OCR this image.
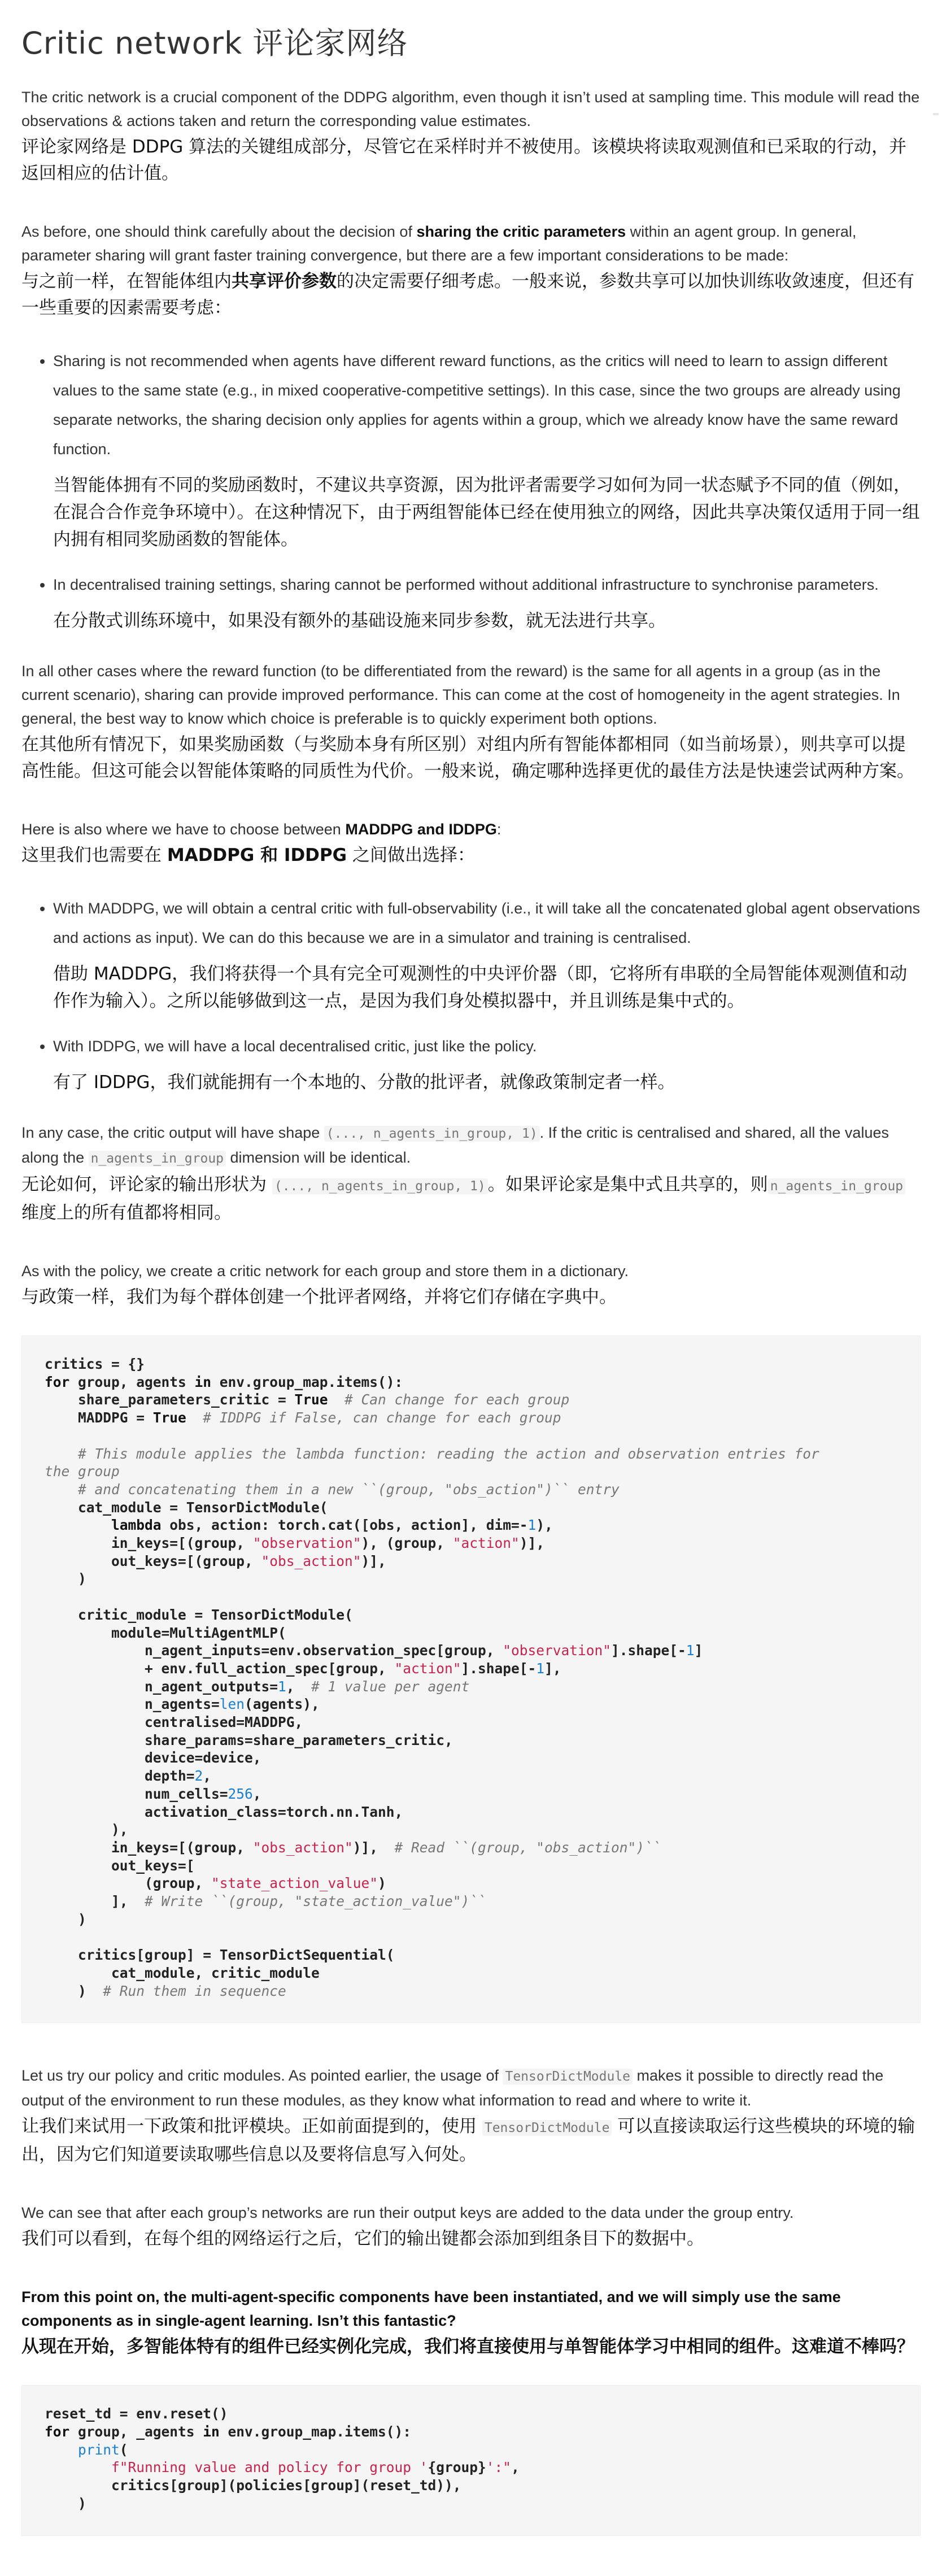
Critic network 评论家网络

The critic network is a crucial component of the DDPG algorithm, even though it isn’t used at sampling time. This module will read the observations & actions taken and return the corresponding value estimates.

评论家网络是 DDPG 算法的关键组成部分，尽管它在采样时并不被使用。该模块将读取观测值和已采取的行动，并返回相应的估计值。

As before, one should think carefully about the decision of sharing the critic parameters within an agent group. In general, parameter sharing will grant faster training convergence, but there are a few important considerations to be made:

与之前一样，在智能体组内共享评价参数的决定需要仔细考虑。一般来说，参数共享可以加快训练收敛速度，但还有一些重要的因素需要考虑：

• Sharing is not recommended when agents have different reward functions, as the critics will need to learn to assign different values to the same state (e.g., in mixed cooperative-competitive settings). In this case, since the two groups are already using separate networks, the sharing decision only applies for agents within a group, which we already know have the same reward function.

当智能体拥有不同的奖励函数时，不建议共享资源，因为批评者需要学习如何为同一状态赋予不同的值（例如，在混合合作竞争环境中）。在这种情况下，由于两组智能体已经在使用独立的网络，因此共享决策仅适用于同一组内拥有相同奖励函数的智能体。

• In decentralised training settings, sharing cannot be performed without additional infrastructure to synchronise parameters.

在分散式训练环境中，如果没有额外的基础设施来同步参数，就无法进行共享。

In all other cases where the reward function (to be differentiated from the reward) is the same for all agents in a group (as in the current scenario), sharing can provide improved performance. This can come at the cost of homogeneity in the agent strategies. In general, the best way to know which choice is preferable is to quickly experiment both options.

在其他所有情况下，如果奖励函数（与奖励本身有所区别）对组内所有智能体都相同（如当前场景），则共享可以提高性能。但这可能会以智能体策略的同质性为代价。一般来说，确定哪种选择更优的最佳方法是快速尝试两种方案。

Here is also where we have to choose between MADDPG and IDDPG:

这里我们也需要在 MADDPG 和 IDDPG 之间做出选择：

• With MADDPG, we will obtain a central critic with full-observability (i.e., it will take all the concatenated global agent observations and actions as input). We can do this because we are in a simulator and training is centralised.

借助 MADDPG，我们将获得一个具有完全可观测性的中央评价器（即，它将所有串联的全局智能体观测值和动作作为输入）。之所以能够做到这一点，是因为我们身处模拟器中，并且训练是集中式的。

• With IDDPG, we will have a local decentralised critic, just like the policy.

有了 IDDPG，我们就能拥有一个本地的、分散的批评者，就像政策制定者一样。

In any case, the critic output will have shape (..., n_agents_in_group, 1) . If the critic is centralised and shared, all the values along the n_agents_in_group dimension will be identical.

无论如何，评论家的输出形状为 (..., n_agents_in_group, 1) 。如果评论家是集中式且共享的，则 n_agents_in_group 维度上的所有值都将相同。

As with the policy, we create a critic network for each group and store them in a dictionary.

与政策一样，我们为每个群体创建一个批评者网络，并将它们存储在字典中。

critics = {}
for group, agents in env.group_map.items():
share_parameters_critic = True # Can change for each group
MADDPG = True # IDDPG if False, can change for each group

# This module applies the lambda function: reading the action and observation entries for
the group
# and concatenating them in a new ``(group, "obs_action")`` entry
cat_module = TensorDictModule(
lambda obs, action: torch.cat([obs, action], dim=-1),
in_keys=[(group, "observation"), (group, "action")],
out_keys=[(group, "obs_action")],
)

critic_module = TensorDictModule(
module=MultiAgentMLP(
n_agent_inputs=env.observation_spec[group, "observation"].shape[-1]
+ env.full_action_spec[group, "action"].shape[-1],
n_agent_outputs=1,  # 1 value per agent
n_agents=len(agents),
centralised=MADDPG,
share_params=share_parameters_critic,
device=device,
depth=2,
num_cells=256,
activation_class=torch.nn.Tanh,
),
in_keys=[(group, "obs_action")],  # Read ``(group, "obs_action")``
out_keys=[
(group, "state_action_value")
],  # Write ``(group, "state_action_value")``
)

critics[group] = TensorDictSequential(
cat_module, critic_module
)  # Run them in sequence

Let us try our policy and critic modules. As pointed earlier, the usage of TensorDictModule makes it possible to directly read the output of the environment to run these modules, as they know what information to read and where to write it.

让我们来试用一下政策和批评模块。正如前面提到的，使用 TensorDictModule 可以直接读取运行这些模块的环境的输出，因为它们知道要读取哪些信息以及要将信息写入何处。

We can see that after each group’s networks are run their output keys are added to the data under the group entry.

我们可以看到，在每个组的网络运行之后，它们的输出键都会添加到组条目下的数据中。

From this point on, the multi-agent-specific components have been instantiated, and we will simply use the same components as in single-agent learning. Isn’t this fantastic?

从现在开始，多智能体特有的组件已经实例化完成，我们将直接使用与单智能体学习中相同的组件。这难道不棒吗？

reset_td = env.reset()
for group, _agents in env.group_map.items():
print(
f"Running value and policy for group '{group}':",
critics[group](policies[group](reset_td)),
)
